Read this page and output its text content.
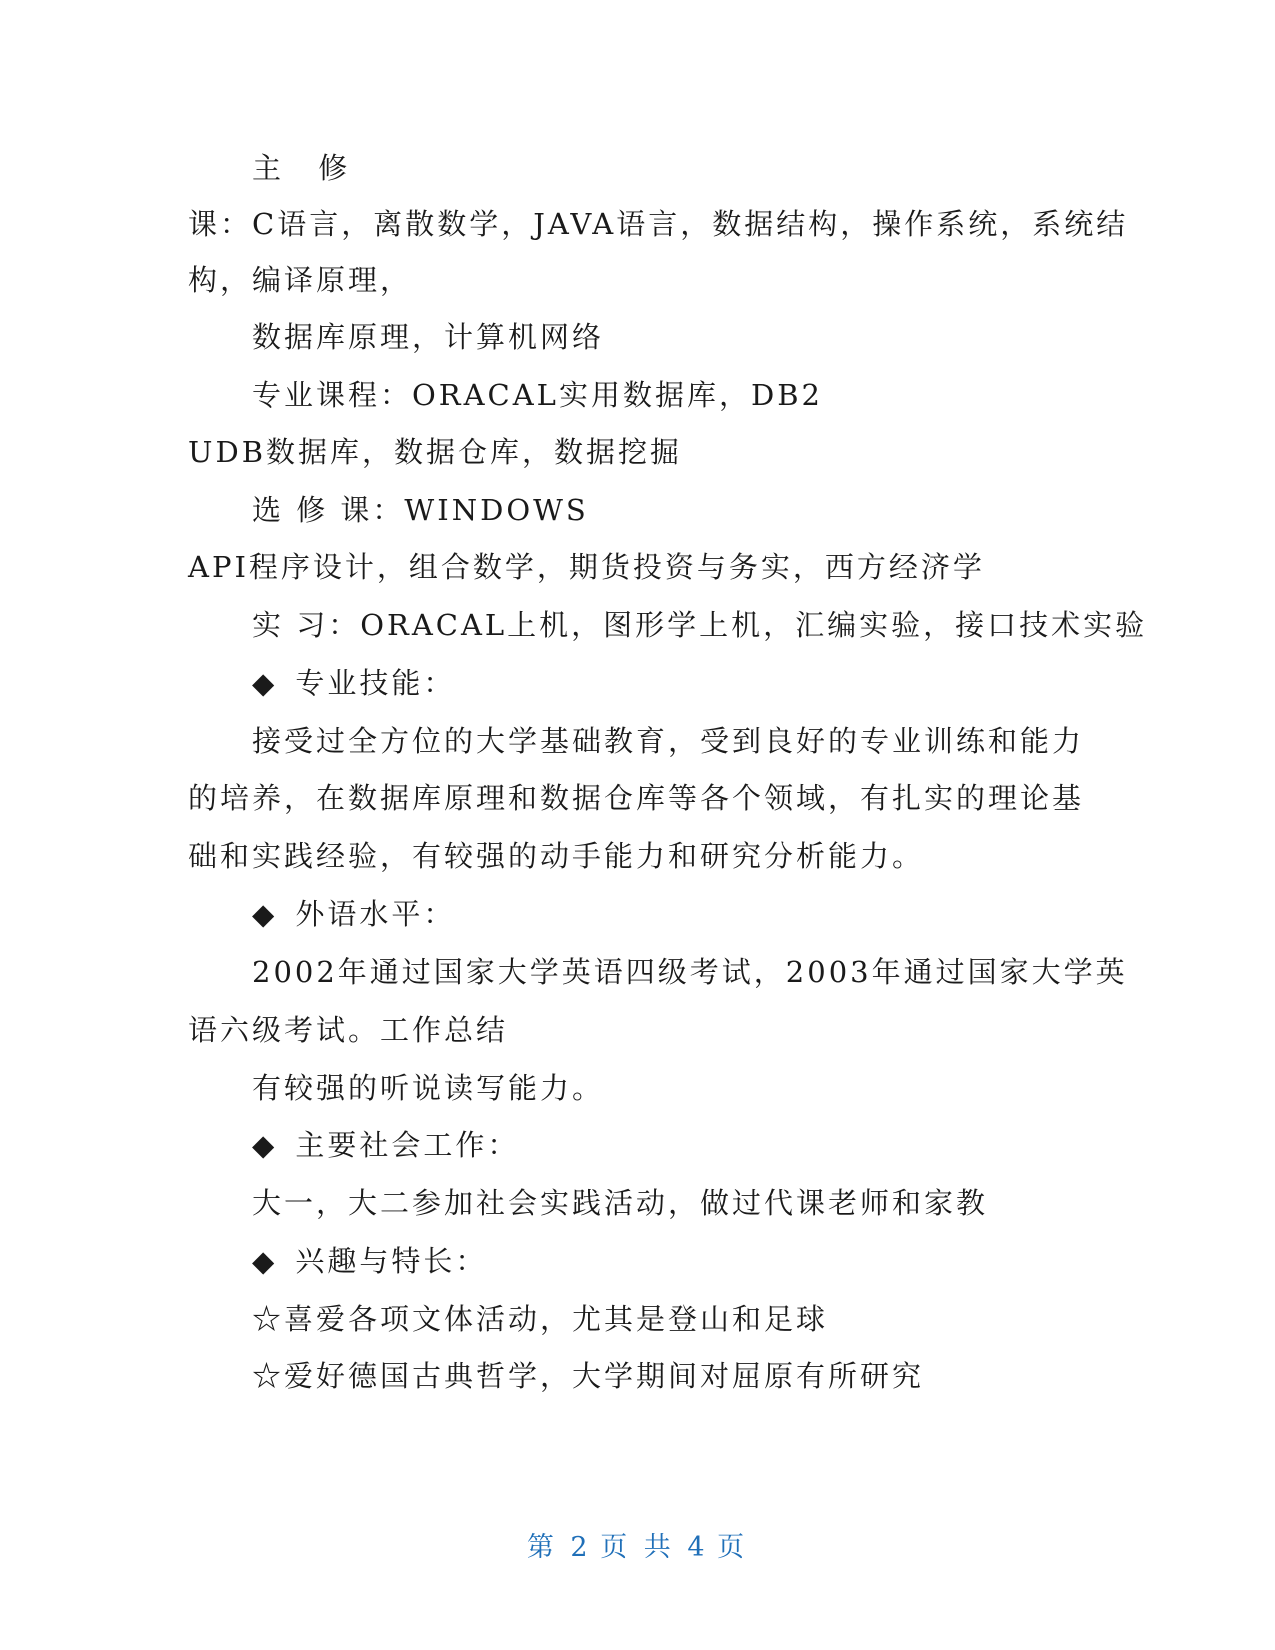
主 修
课：C语言，离散数学，JAVA语言，数据结构，操作系统，系统结
构，编译原理，
数据库原理，计算机网络
专业课程：ORACAL实用数据库，DB2
UDB数据库，数据仓库，数据挖掘
选 修 课：WINDOWS
API程序设计，组合数学，期货投资与务实，西方经济学
实 习：ORACAL上机，图形学上机，汇编实验，接口技术实验
◆ 专业技能：
接受过全方位的大学基础教育，受到良好的专业训练和能力
的培养，在数据库原理和数据仓库等各个领域，有扎实的理论基
础和实践经验，有较强的动手能力和研究分析能力。
◆ 外语水平：
2002年通过国家大学英语四级考试，2003年通过国家大学英
语六级考试。工作总结
有较强的听说读写能力。
◆ 主要社会工作：
大一，大二参加社会实践活动，做过代课老师和家教
◆ 兴趣与特长：
☆喜爱各项文体活动，尤其是登山和足球
☆爱好德国古典哲学，大学期间对屈原有所研究
第 2 页 共 4 页
